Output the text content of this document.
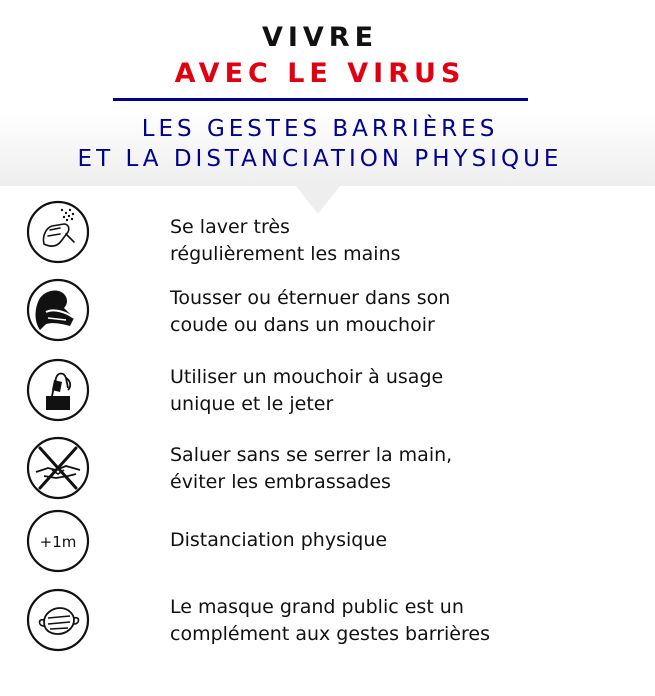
VIVRE
AVEC LE VIRUS
LES GESTES BARRIÈRES
ET LA DISTANCIATION PHYSIQUE
Se laver très
régulièrement les mains
Tousser ou éternuer dans son
coude ou dans un mouchoir
Utiliser un mouchoir à usage
unique et le jeter
Saluer sans se serrer la main,
éviter les embrassades
+1m	Distanciation physique
Le masque grand public est un
complément aux gestes barrières
